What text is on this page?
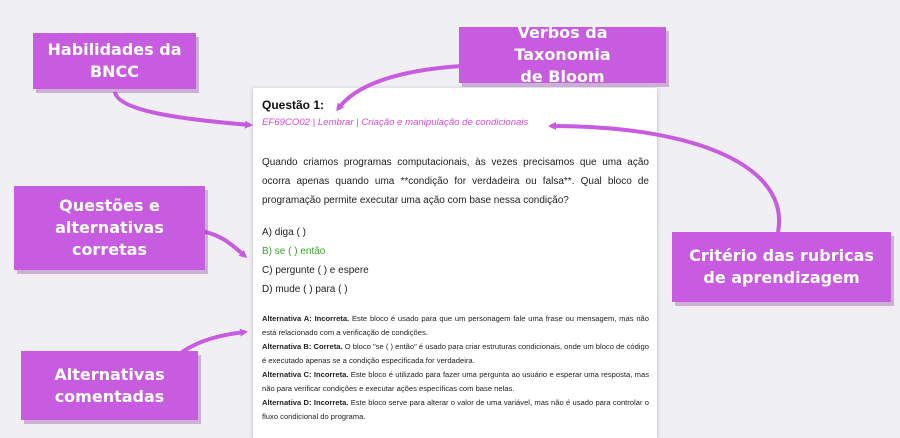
Questão 1:
EF69CO02 | Lembrar | Criação e manipulação de condicionais
Quando criamos programas computacionais, às vezes precisamos que uma ação ocorra apenas quando uma **condição for verdadeira ou falsa**. Qual bloco de programação permite executar uma ação com base nessa condição?
A) diga ( )
B) se ( ) então
C) pergunte ( ) e espere
D) mude ( ) para ( )
Alternativa A: Incorreta. Este bloco é usado para que um personagem fale uma frase ou mensagem, mas não está relacionado com a verificação de condições.
Alternativa B: Correta. O bloco "se ( ) então" é usado para criar estruturas condicionais, onde um bloco de código é executado apenas se a condição especificada for verdadeira.
Alternativa C: Incorreta. Este bloco é utilizado para fazer uma pergunta ao usuário e esperar uma resposta, mas não para verificar condições e executar ações específicas com base nelas.
Alternativa D: Incorreta. Este bloco serve para alterar o valor de uma variável, mas não é usado para controlar o fluxo condicional do programa.
Habilidades da
BNCC
Verbos da Taxonomia
de Bloom
Questões e
alternativas
corretas	Critério das rubricas
de aprendizagem
Alternativas
comentadas
